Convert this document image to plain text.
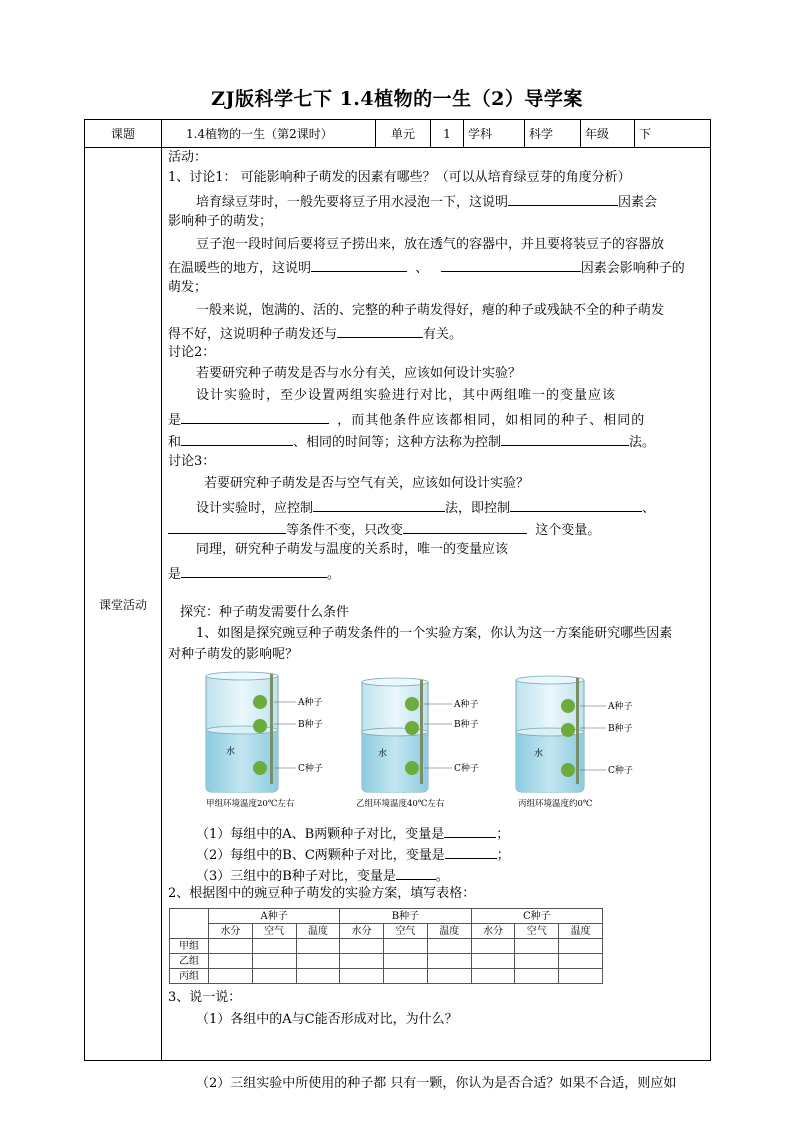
ZJ版科学七下 1.4植物的一生（2）导学案
课题	1.4植物的一生（第2课时）	单元	1	学科	科学	年级	下
课堂活动	
活动：
1、讨论1： 可能影响种子萌发的因素有哪些？（可以从培育绿豆芽的角度分析）
培育绿豆芽时，一般先要将豆子用水浸泡一下，这说明	因素会
影响种子的萌发；
豆子泡一段时间后要将豆子捞出来，放在透气的容器中，并且要将装豆子的容器放
在温暖些的地方，这说明	、	因素会影响种子的
萌发；
一般来说，饱满的、活的、完整的种子萌发得好，瘪的种子或残缺不全的种子萌发
得不好，这说明种子萌发还与	有关。
讨论2：
若要研究种子萌发是否与水分有关，应该如何设计实验？
设计实验时，至少设置两组实验进行对比，其中两组唯一的变量应该
是	，而其他条件应该都相同，如相同的种子、相同的
和	、相同的时间等；这种方法称为控制	法。
讨论3：
若要研究种子萌发是否与空气有关，应该如何设计实验？
设计实验时，应控制	法，即控制	、
等条件不变，只改变	这个变量。
同理，研究种子萌发与温度的关系时，唯一的变量应该
是	。
探究：种子萌发需要什么条件
1、如图是探究豌豆种子萌发条件的一个实验方案，你认为这一方案能研究哪些因素
对种子萌发的影响呢？
A种子
B种子
C种子
水
甲组环境温度20℃左右
A种子
B种子
C种子
水
乙组环境温度40℃左右
A种子
B种子
C种子
水
丙组环境温度约0℃
（1）每组中的A、B两颗种子对比，变量是	；
（2）每组中的B、C两颗种子对比，变量是	；
（3）三组中的B种子对比，变量是	。
2、根据图中的豌豆种子萌发的实验方案，填写表格：
	A种子	B种子	C种子
水分	空气	温度	水分	空气	温度	水分	空气	温度
甲组									
乙组									
丙组									
3、说一说：
（1）各组中的A与C能否形成对比，为什么？
（2）三组实验中所使用的种子都 只有一颗，你认为是否合适？如果不合适，则应如
